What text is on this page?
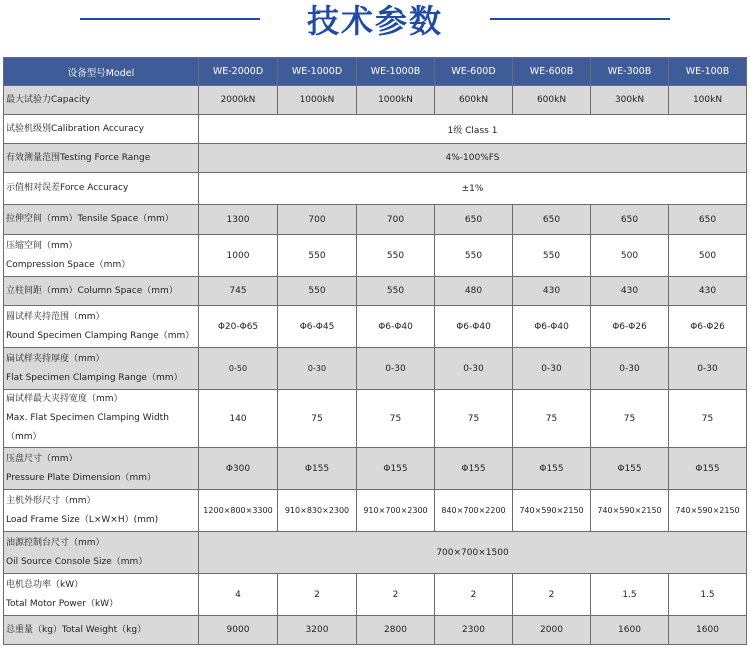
技术参数
设备型号Model	WE-2000D	WE-1000D	WE-1000B	WE-600D	WE-600B	WE-300B	WE-100B
最大试验力Capacity	2000kN	1000kN	1000kN	600kN	600kN	300kN	100kN
试验机级别Calibration Accuracy	1级 Class 1						
有效测量范围Testing Force Range	4%-100%FS						
示值相对误差Force Accuracy	±1%						
拉伸空间（mm）Tensile Space（mm）	1300	700	700	650	650	650	650

压缩空间（mm）
Compression Space（mm）	1000	550	550	550	550	500	500
立柱间距（mm）Column Space（mm）	745	550	550	480	430	430	430

圆试样夹持范围（mm）
Round Specimen Clamping Range（mm）	Φ20-Φ65	Φ6-Φ45	Φ6-Φ40	Φ6-Φ40	Φ6-Φ40	Φ6-Φ26	Φ6-Φ26

扁试样夹持厚度（mm）
Flat Specimen Clamping Range（mm）	0-50	0-30	0-30	0-30	0-30	0-30	0-30

扁试样最大夹持宽度（mm）
Max. Flat Specimen Clamping Width（mm）	140	75	75	75	75	75	75

压盘尺寸（mm）
Pressure Plate Dimension（mm）	Φ300	Φ155	Φ155	Φ155	Φ155	Φ155	Φ155

主机外形尺寸（mm）
Load Frame Size（L×W×H）(mm)	1200×800×3300	910×830×2300	910×700×2300	840×700×2200	740×590×2150	740×590×2150	740×590×2150

油源控制台尺寸（mm）
Oil Source Console Size（mm）	700×700×1500						

电机总功率（kW）
Total Motor Power（kW）	4	2	2	2	2	1.5	1.5
总重量（kg）Total Weight（kg）	9000	3200	2800	2300	2000	1600	1600
